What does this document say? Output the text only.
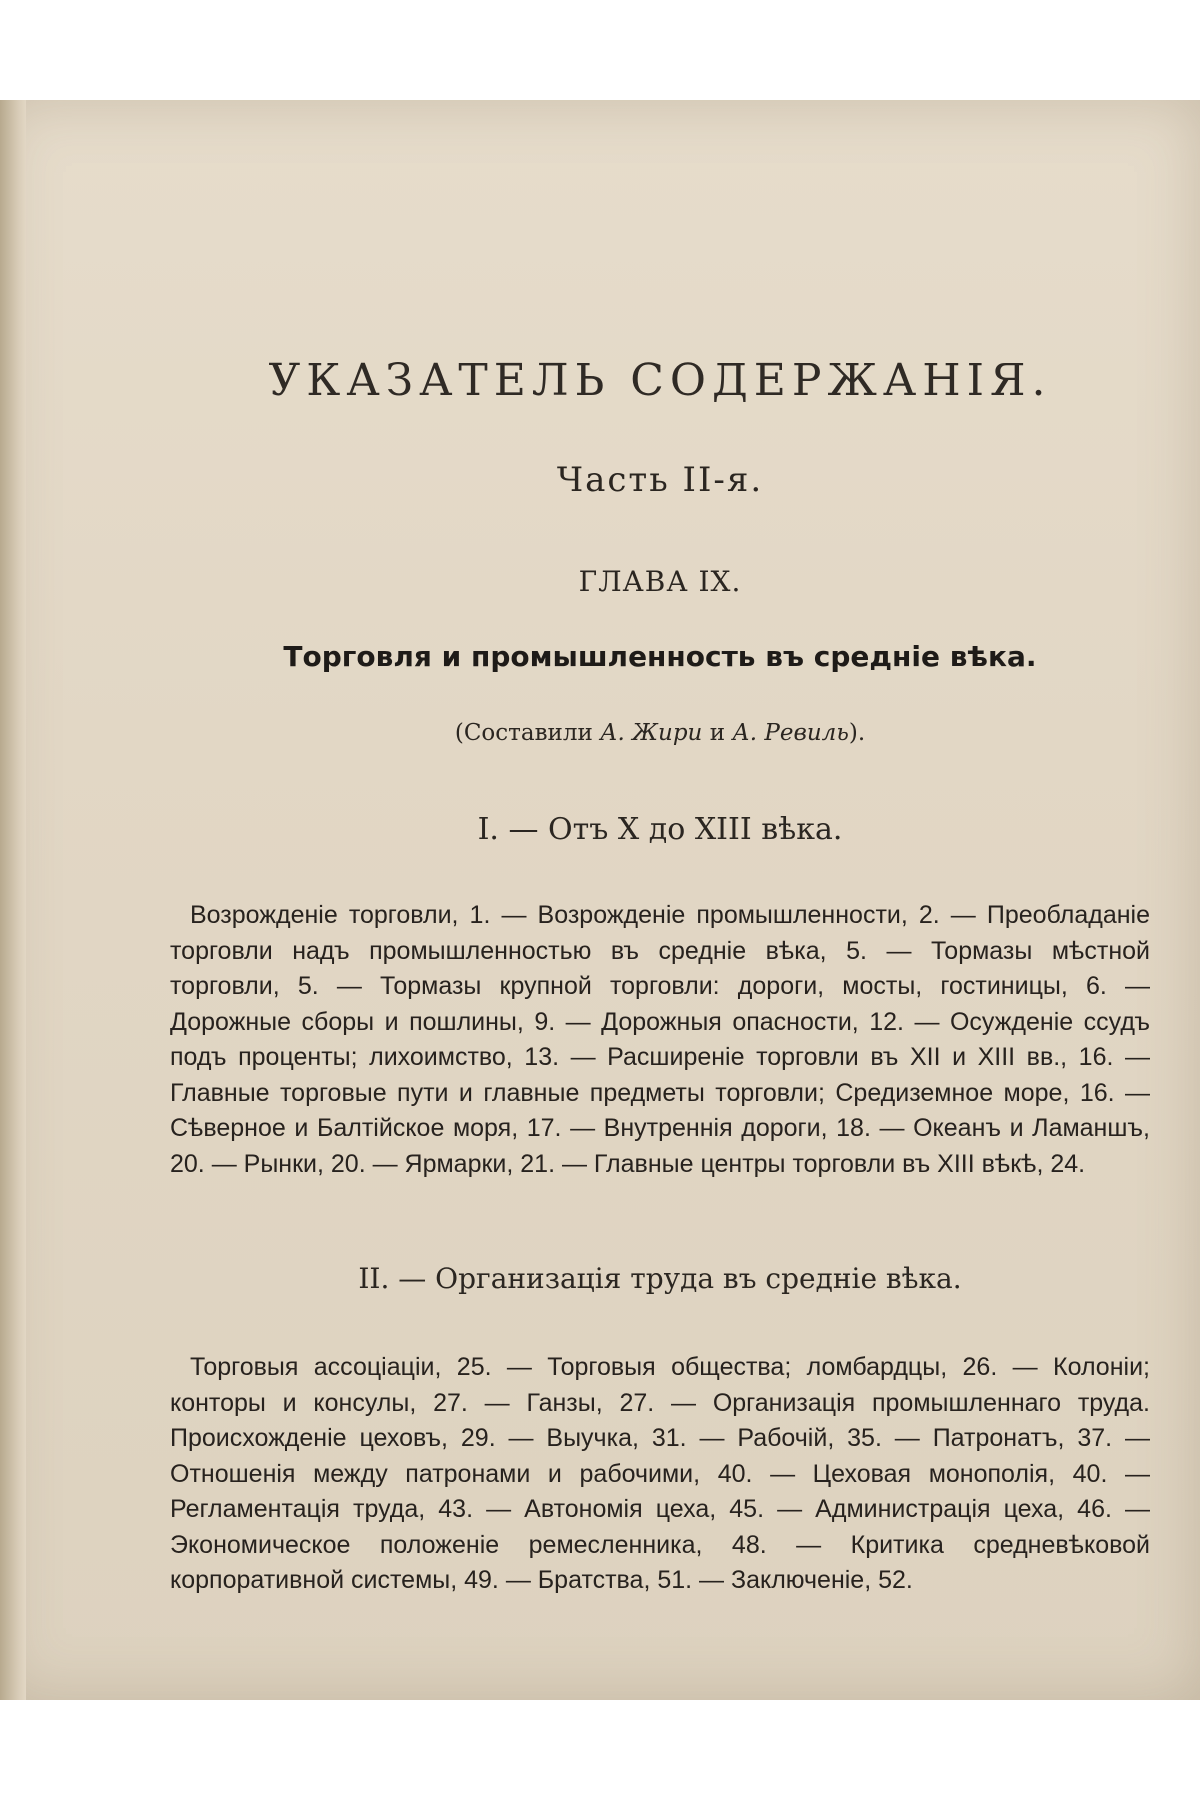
УКАЗАТЕЛЬ СОДЕРЖАНІЯ.
Часть II-я.
ГЛАВА IX.
Торговля и промышленность въ средніе вѣка.
(Составили А. Жири и А. Ревиль).
I. — Отъ X до XIII вѣка.
Возрожденіе торговли, 1. — Возрожденіе промышленности, 2. — Преобладаніе торговли надъ промышленностью въ средніе вѣка, 5. — Тормазы мѣстной торговли, 5. — Тормазы крупной торговли: дороги, мосты, гостиницы, 6. — Дорожные сборы и пошлины, 9. — Дорожныя опасности, 12. — Осужденіе ссудъ подъ проценты; лихоимство, 13. — Расширеніе торговли въ XII и XIII вв., 16. — Главные торговые пути и главные предметы торговли; Средиземное море, 16. — Сѣверное и Балтійское моря, 17. — Внутреннія дороги, 18. — Океанъ и Ламаншъ, 20. — Рынки, 20. — Ярмарки, 21. — Главные центры торговли въ XIII вѣкѣ, 24.
II. — Организація труда въ средніе вѣка.
Торговыя ассоціаціи, 25. — Торговыя общества; ломбардцы, 26. — Колоніи; конторы и консулы, 27. — Ганзы, 27. — Организація промышленнаго труда. Происхожденіе цеховъ, 29. — Выучка, 31. — Рабочій, 35. — Патронатъ, 37. — Отношенія между патронами и рабочими, 40. — Цеховая монополія, 40. — Регламентація труда, 43. — Автономія цеха, 45. — Администрація цеха, 46. — Экономическое положеніе ремесленника, 48. — Критика средневѣковой корпоративной системы, 49. — Братства, 51. — Заключеніе, 52.
